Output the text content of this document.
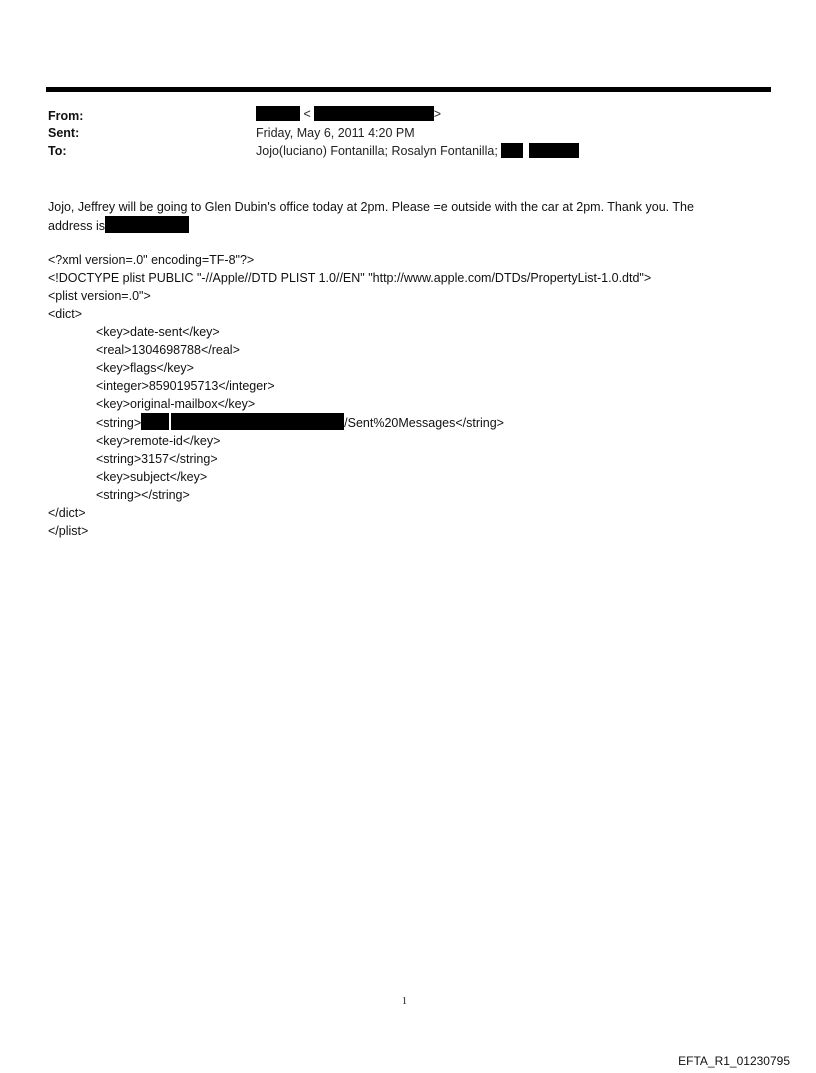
From:
Sent:
To:
<	>
Friday, May 6, 2011 4:20 PM
Jojo(luciano) Fontanilla; Rosalyn Fontanilla;
Jojo, Jeffrey will be going to Glen Dubin's office today at 2pm. Please =e outside with the car at 2pm. Thank you. The
address is
<?xml version=.0" encoding=TF-8"?>
<!DOCTYPE plist PUBLIC "-//Apple//DTD PLIST 1.0//EN" "http://www.apple.com/DTDs/PropertyList-1.0.dtd">
<plist version=.0">
<dict>
<key>date-sent</key>
<real>1304698788</real>
<key>flags</key>
<integer>8590195713</integer>
<key>original-mailbox</key>
<string>	/Sent%20Messages</string>
<key>remote-id</key>
<string>3157</string>
<key>subject</key>
<string></string>
</dict>
</plist>
1
EFTA_R1_01230795
